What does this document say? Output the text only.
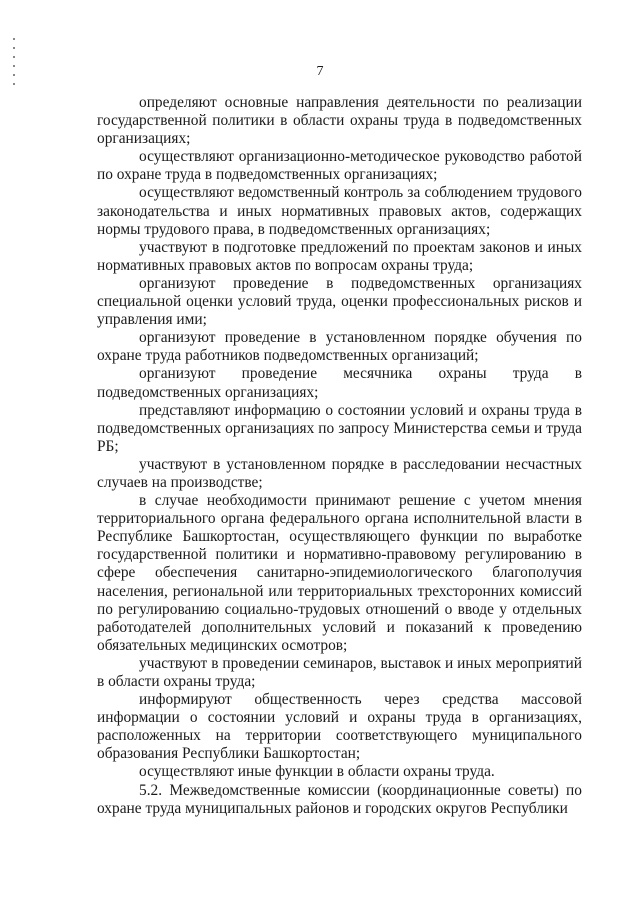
7

определяют основные направления деятельности по реализации государственной политики в области охраны труда в подведомственных организациях;

осуществляют организационно-методическое руководство работой по охране труда в подведомственных организациях;

осуществляют ведомственный контроль за соблюдением трудового законодательства и иных нормативных правовых актов, содержащих нормы трудового права, в подведомственных организациях;

участвуют в подготовке предложений по проектам законов и иных нормативных правовых актов по вопросам охраны труда;

организуют проведение в подведомственных организациях специальной оценки условий труда, оценки профессиональных рисков и управления ими;

организуют проведение в установленном порядке обучения по охране труда работников подведомственных организаций;

организуют проведение месячника охраны труда в подведомственных организациях;

представляют информацию о состоянии условий и охраны труда в подведомственных организациях по запросу Министерства семьи и труда РБ;

участвуют в установленном порядке в расследовании несчастных случаев на производстве;

в случае необходимости принимают решение с учетом мнения территориального органа федерального органа исполнительной власти в Республике Башкортостан, осуществляющего функции по выработке государственной политики и нормативно-правовому регулированию в сфере обеспечения санитарно-эпидемиологического благополучия населения, региональной или территориальных трехсторонних комиссий по регулированию социально-трудовых отношений о вводе у отдельных работодателей дополнительных условий и показаний к проведению обязательных медицинских осмотров;

участвуют в проведении семинаров, выставок и иных мероприятий в области охраны труда;

информируют общественность через средства массовой информации о состоянии условий и охраны труда в организациях, расположенных на территории соответствующего муниципального образования Республики Башкортостан;

осуществляют иные функции в области охраны труда.

5.2. Межведомственные комиссии (координационные советы) по охране труда муниципальных районов и городских округов Республики
